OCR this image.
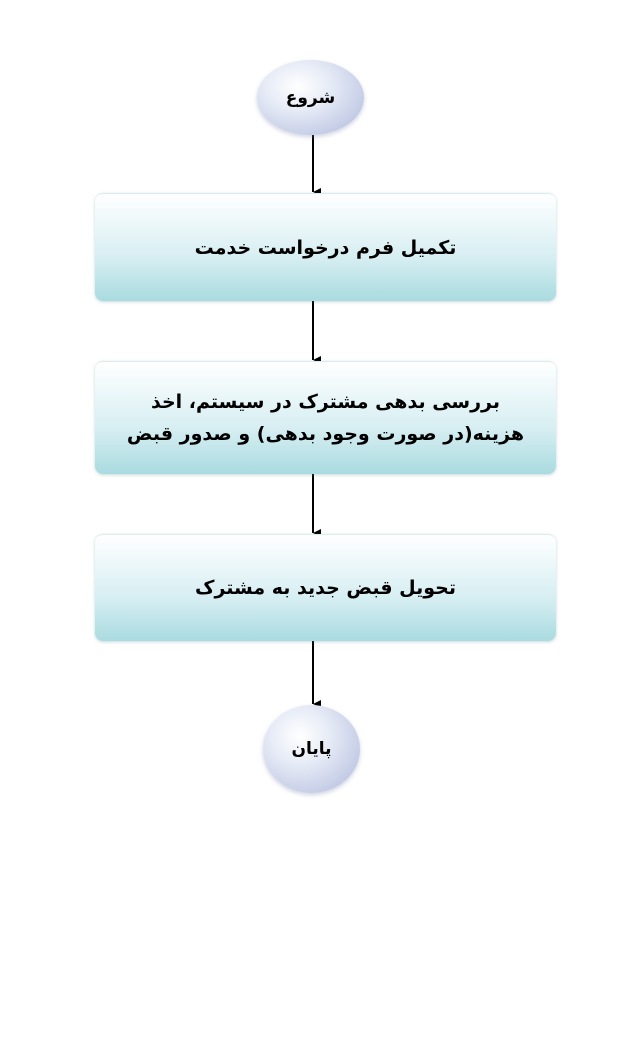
شروع
تکمیل فرم درخواست خدمت
بررسی بدهی مشترک در سیستم، اخذ هزینه(در صورت وجود بدهی) و صدور قبض
تحویل قبض جدید به مشترک
پایان
